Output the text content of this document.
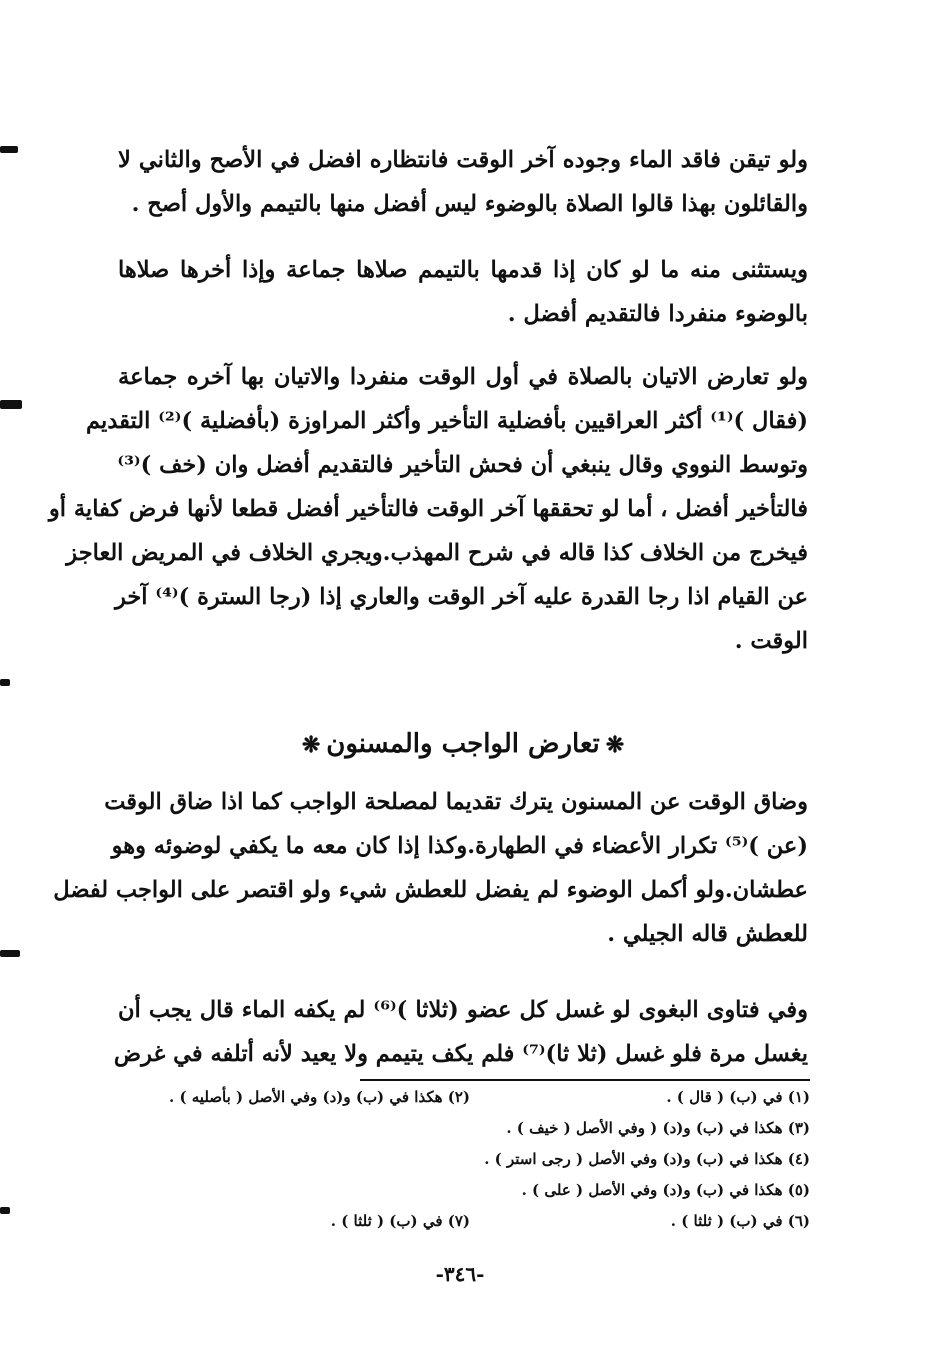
ولو تيقن فاقد الماء وجوده آخر الوقت فانتظاره افضل في الأصح والثاني لا
والقائلون بهذا قالوا الصلاة بالوضوء ليس أفضل منها بالتيمم والأول أصح .
ويستثنى منه ما لو كان إذا قدمها بالتيمم صلاها جماعة وإذا أخرها صلاها
بالوضوء منفردا فالتقديم أفضل .
ولو تعارض الاتيان بالصلاة في أول الوقت منفردا والاتيان بها آخره جماعة
(فقال )⁽¹⁾ أكثر العراقيين بأفضلية التأخير وأكثر المراوزة (بأفضلية )⁽²⁾ التقديم
وتوسط النووي وقال ينبغي أن فحش التأخير فالتقديم أفضل وان (خف )⁽³⁾
فالتأخير أفضل ، أما لو تحققها آخر الوقت فالتأخير أفضل قطعا لأنها فرض كفاية أو
فيخرج من الخلاف كذا قاله في شرح المهذب.ويجري الخلاف في المريض العاجز
عن القيام اذا رجا القدرة عليه آخر الوقت والعاري إذا (رجا السترة )⁽⁴⁾ آخر
الوقت .
❋تعارض الواجب والمسنون❋
وضاق الوقت عن المسنون يترك تقديما لمصلحة الواجب كما اذا ضاق الوقت
(عن )⁽⁵⁾ تكرار الأعضاء في الطهارة.وكذا إذا كان معه ما يكفي لوضوئه وهو
عطشان.ولو أكمل الوضوء لم يفضل للعطش شيء ولو اقتصر على الواجب لفضل
للعطش قاله الجيلي .
وفي فتاوى البغوى لو غسل كل عضو (ثلاثا )⁽⁶⁾ لم يكفه الماء قال يجب أن
يغسل مرة فلو غسل (ثلا ثا)⁽⁷⁾ فلم يكف يتيمم ولا يعيد لأنه أتلفه في غرض
(١) في (ب) ( قال ) .
(٢) هكذا في (ب) و(د) وفي الأصل ( بأصليه ) .
(٣) هكذا في (ب) و(د) ( وفي الأصل ( خيف ) .
(٤) هكذا في (ب) و(د) وفي الأصل ( رجى استر ) .
(٥) هكذا في (ب) و(د) وفي الأصل ( على ) .
(٦) في (ب) ( ثلثا ) .
(٧) في (ب) ( ثلثا ) .
-٣٤٦-
